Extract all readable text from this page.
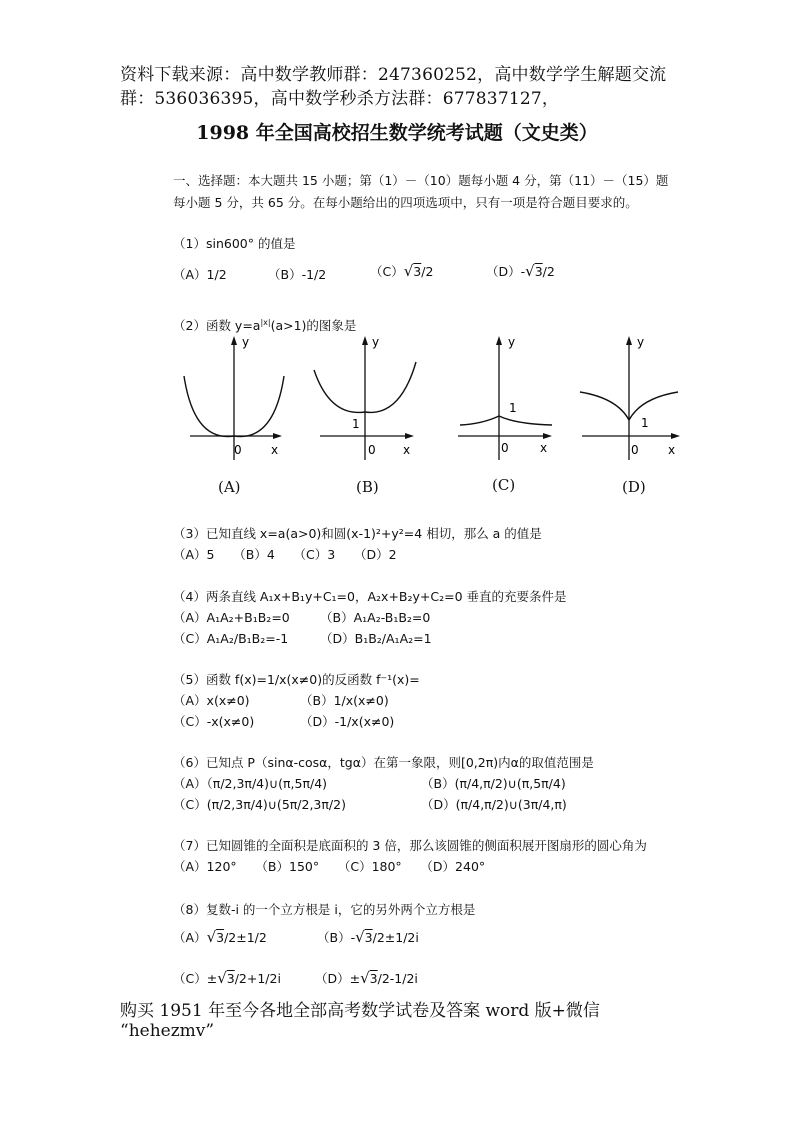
资料下载来源：高中数学教师群：247360252，高中数学学生解题交流
群：536036395，高中数学秒杀方法群：677837127，
1998 年全国高校招生数学统考试题（文史类）
一、选择题：本大题共 15 小题；第（1）－（10）题每小题 4 分，第（11）－（15）题
每小题 5 分，共 65 分。在每小题给出的四项选项中，只有一项是符合题目要求的。
（1）sin600° 的值是
（A）1/2	（B）-1/2	（C）√3/2	（D）-√3/2
（2）函数 $y=a^{|x|}(a>1)$的图象是
y
0 x
y
1
0 x
y
1
0	x
y
1
0 x
(A)	(B)	(C)	(D)
（3）已知直线 x=a(a>0)和圆(x-1)²+y²=4 相切，那么 a 的值是
（A）5　　（B）4　　（C）3　　（D）2
（4）两条直线 A₁x+B₁y+C₁=0，A₂x+B₂y+C₂=0 垂直的充要条件是
（A）A₁A₂+B₁B₂=0 （B）A₁A₂-B₁B₂=0
（C）A₁A₂/B₁B₂=-1	（D）B₁B₂/A₁A₂=1
（5）函数 f(x)=1/x(x≠0)的反函数 f⁻¹(x)=
（A）x(x≠0)	（B）1/x(x≠0)
（C）-x(x≠0)	（D）-1/x(x≠0)
（6）已知点 P（sinα-cosα，tgα）在第一象限，则[0,2π)内α的取值范围是
（A）（π/2,3π/4)∪(π,5π/4)	（B）(π/4,π/2)∪(π,5π/4)
（C）(π/2,3π/4)∪(5π/2,3π/2)	（D）(π/4,π/2)∪(3π/4,π)
（7）已知圆锥的全面积是底面积的 3 倍，那么该圆锥的侧面积展开图扇形的圆心角为
（A）120°　　（B）150°　　（C）180°　　（D）240°
（8）复数-i 的一个立方根是 i，它的另外两个立方根是
（A）√3/2±1/2	（B）-√3/2±1/2i
（C）±√3/2+1/2i	（D）±√3/2-1/2i
购买 1951 年至今各地全部高考数学试卷及答案 word 版+微信
“hehezmv”
